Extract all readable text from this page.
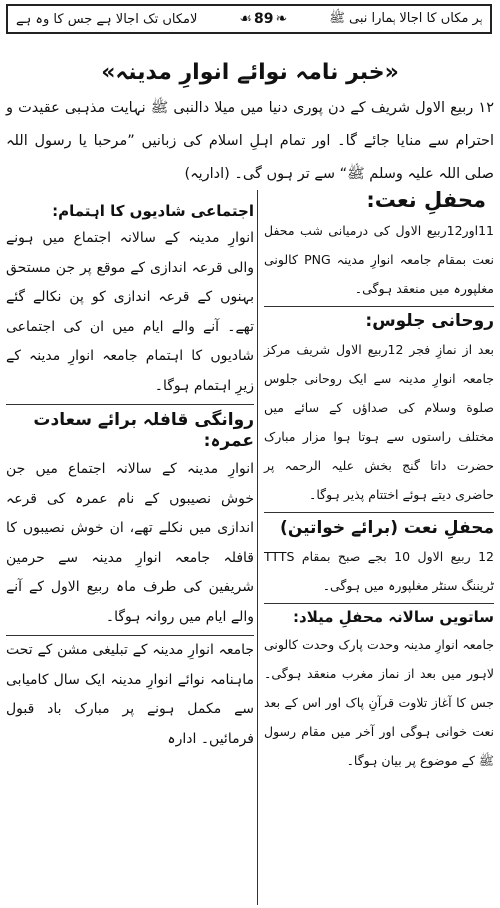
ہر مکاں کا اجالا ہمارا نبی ﷺ
❧
89
☙
لامکاں تک اجالا ہے جس کا وہ ہے
«خبر نامہ نوائے انوارِ مدینہ»
۱۲ ربیع الاول شریف کے دن پوری دنیا میں میلا دالنبی ﷺ نہایت مذہبی عقیدت و احترام سے منایا جائے گا۔ اور تمام اہلِ اسلام کی زبانیں ”مرحبا یا رسول اللہ صلی اللہ علیہ وسلم ﷺ“ سے تر ہوں گی۔ (اداریہ)
محفلِ نعت:
11اور12ربیع الاول کی درمیانی شب محفل نعت بمقام جامعہ انوارِ مدینہ PNG کالونی مغلپورہ میں منعقد ہوگی۔
روحانی جلوس:
بعد از نمازِ فجر 12ربیع الاول شریف مرکز جامعہ انوارِ مدینہ سے ایک روحانی جلوس صلوة وسلام کی صداؤں کے سائے میں مختلف راستوں سے ہوتا ہوا مزار مبارک حضرت داتا گنج بخش علیہ الرحمہ پر حاضری دیتے ہوئے اختتام پذیر ہوگا۔
محفلِ نعت (برائے خواتین)
12 ربیع الاول 10 بجے صبح بمقام TTTS ٹریننگ سنٹر مغلپورہ میں ہوگی۔
ساتویں سالانہ محفلِ میلاد:
جامعہ انوارِ مدینہ وحدت پارک وحدت کالونی لاہور میں بعد از نماز مغرب منعقد ہوگی۔ جس کا آغاز تلاوت قرآنِ پاک اور اس کے بعد نعت خوانی ہوگی اور آخر میں مقام رسول ﷺ کے موضوع پر بیان ہوگا۔
اجتماعی شادیوں کا اہتمام:
انوارِ مدینہ کے سالانہ اجتماع میں ہونے والی قرعہ اندازی کے موقع پر جن مستحق بہنوں کے قرعہ اندازی کو پن نکالے گئے تھے۔ آنے والے ایام میں ان کی اجتماعی شادیوں کا اہتمام جامعہ انوارِ مدینہ کے زیرِ اہتمام ہوگا۔
روانگی قافلہ برائے سعادت عمرہ:
انوارِ مدینہ کے سالانہ اجتماع میں جن خوش نصیبوں کے نام عمرہ کی قرعہ اندازی میں نکلے تھے، ان خوش نصیبوں کا قافلہ جامعہ انوارِ مدینہ سے حرمین شریفین کی طرف ماہ ربیع الاول کے آنے والے ایام میں روانہ ہوگا۔
جامعہ انوارِ مدینہ کے تبلیغی مشن کے تحت ماہنامہ نوائے انوارِ مدینہ ایک سال کامیابی سے مکمل ہونے پر مبارک باد قبول فرمائیں۔ ادارہ
